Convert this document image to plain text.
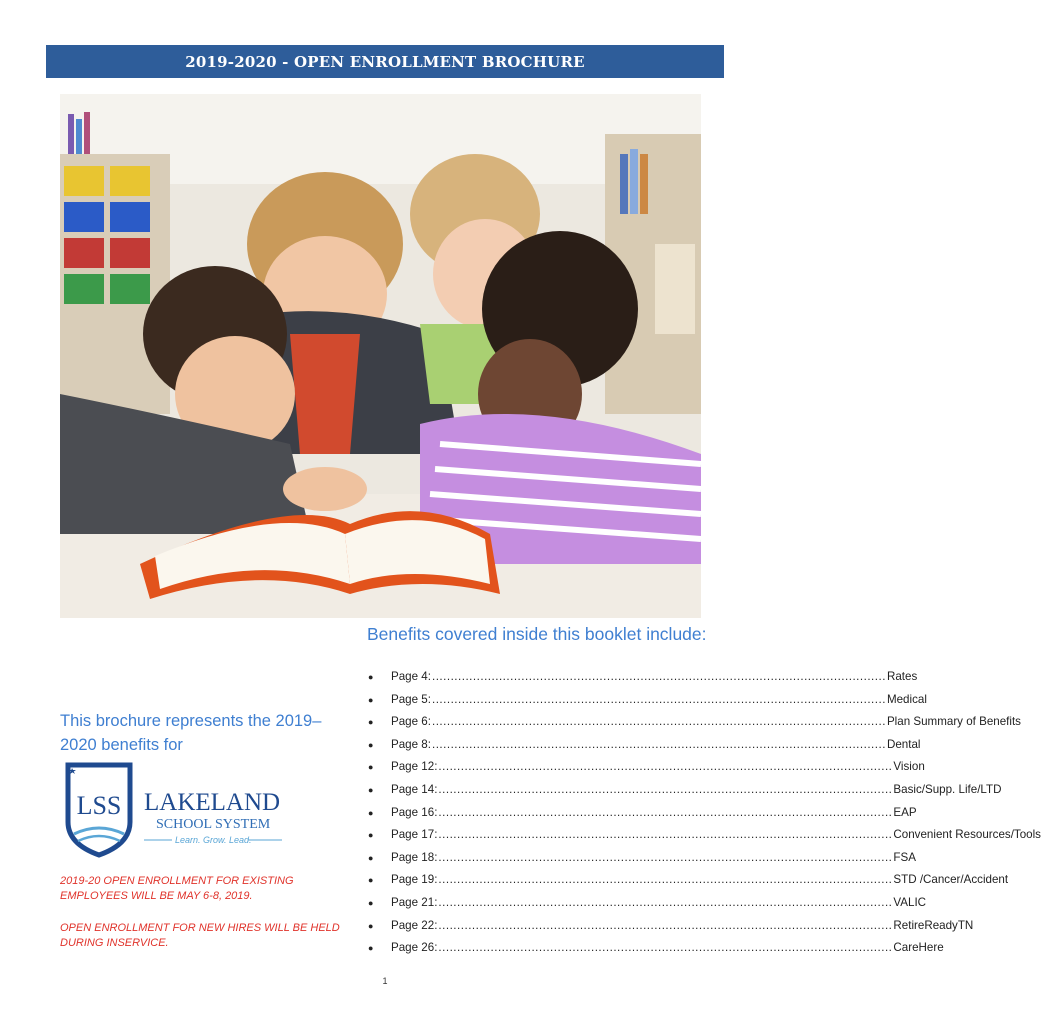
2019-2020 - OPEN ENROLLMENT BROCHURE
Benefits covered inside this booklet include:
●	Page 4: .......................................................................................................................... Rates
●	Page 5: .......................................................................................................................... Medical
●	Page 6: .......................................................................................................................... Plan Summary of Benefits
●	Page 8: .......................................................................................................................... Dental
●	Page 12: .......................................................................................................................... Vision
●	Page 14: .......................................................................................................................... Basic/Supp. Life/LTD
●	Page 16: .......................................................................................................................... EAP
●	Page 17: .......................................................................................................................... Convenient Resources/Tools
●	Page 18: .......................................................................................................................... FSA
●	Page 19: .......................................................................................................................... STD /Cancer/Accident
●	Page 21: .......................................................................................................................... VALIC
●	Page 22: .......................................................................................................................... RetireReadyTN
●	Page 26: .......................................................................................................................... CareHere
This brochure represents the 2019–2020 benefits for
LSS LAKELAND
SCHOOL SYSTEM
Learn. Grow. Lead.
2019-20 OPEN ENROLLMENT FOR EXISTING EMPLOYEES WILL BE MAY 6-8, 2019.
OPEN ENROLLMENT FOR NEW HIRES WILL BE HELD DURING INSERVICE.
1
